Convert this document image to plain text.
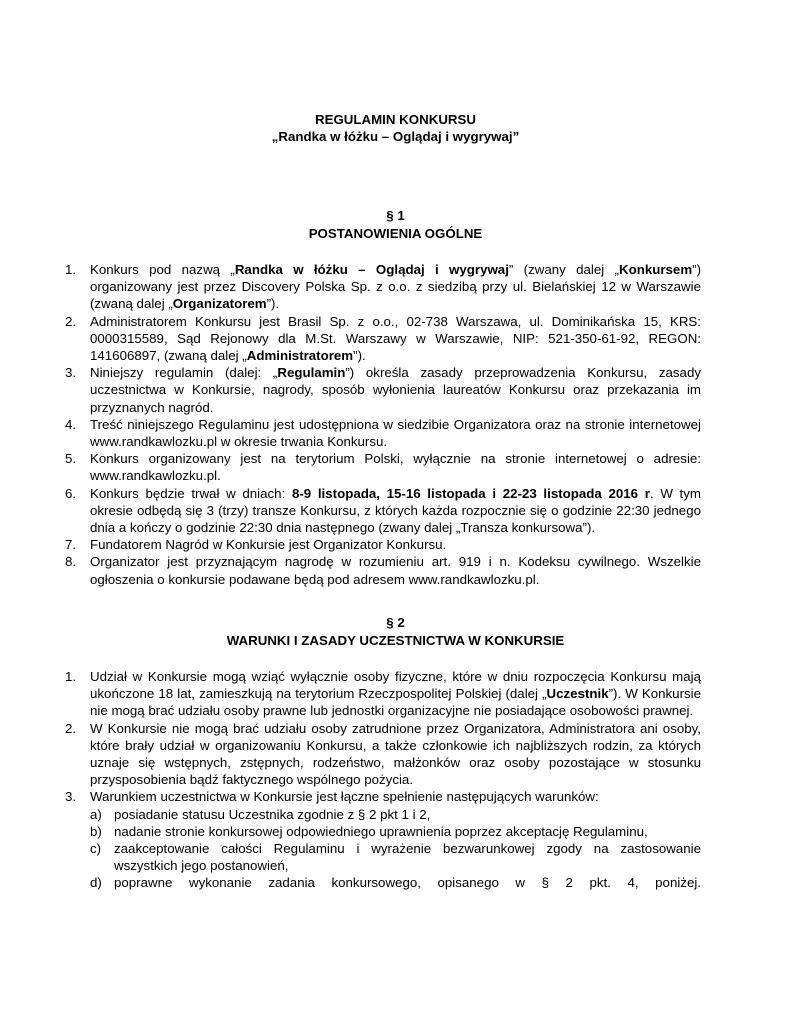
REGULAMIN KONKURSU
„Randka w łóżku – Oglądaj i wygrywaj”
§ 1
POSTANOWIENIA OGÓLNE
1.	Konkurs pod nazwą „Randka w łóżku – Oglądaj i wygrywaj” (zwany dalej „Konkursem”) organizowany jest przez Discovery Polska Sp. z o.o. z siedzibą przy ul. Bielańskiej 12 w Warszawie (zwaną dalej „Organizatorem”).
2.	Administratorem Konkursu jest Brasil Sp. z o.o., 02-738 Warszawa, ul. Dominikańska 15, KRS: 0000315589, Sąd Rejonowy dla M.St. Warszawy w Warszawie, NIP: 521-350-61-92, REGON: 141606897, (zwaną dalej „Administratorem”).
3.	Niniejszy regulamin (dalej: „Regulamin”) określa zasady przeprowadzenia Konkursu, zasady uczestnictwa w Konkursie, nagrody, sposób wyłonienia laureatów Konkursu oraz przekazania im przyznanych nagród.
4.	Treść niniejszego Regulaminu jest udostępniona w siedzibie Organizatora oraz na stronie internetowej www.randkawlozku.pl w okresie trwania Konkursu.
5.	Konkurs organizowany jest na terytorium Polski, wyłącznie na stronie internetowej o adresie: www.randkawlozku.pl.
6.	Konkurs będzie trwał w dniach: 8-9 listopada, 15-16 listopada i 22-23 listopada 2016 r. W tym okresie odbędą się 3 (trzy) transze Konkursu, z których każda rozpocznie się o godzinie 22:30 jednego dnia a kończy o godzinie 22:30 dnia następnego (zwany dalej „Transza konkursowa”).
7.	Fundatorem Nagród w Konkursie jest Organizator Konkursu.
8.	Organizator jest przyznającym nagrodę w rozumieniu art. 919 i n. Kodeksu cywilnego. Wszelkie ogłoszenia o konkursie podawane będą pod adresem www.randkawlozku.pl.
§ 2
WARUNKI I ZASADY UCZESTNICTWA W KONKURSIE
1.	Udział w Konkursie mogą wziąć wyłącznie osoby fizyczne, które w dniu rozpoczęcia Konkursu mają ukończone 18 lat, zamieszkują na terytorium Rzeczpospolitej Polskiej (dalej „Uczestnik”). W Konkursie nie mogą brać udziału osoby prawne lub jednostki organizacyjne nie posiadające osobowości prawnej.
2.	W Konkursie nie mogą brać udziału osoby zatrudnione przez Organizatora, Administratora ani osoby, które brały udział w organizowaniu Konkursu, a także członkowie ich najbliższych rodzin, za których uznaje się wstępnych, zstępnych, rodzeństwo, małżonków oraz osoby pozostające w stosunku przysposobienia bądź faktycznego wspólnego pożycia.
3.	Warunkiem uczestnictwa w Konkursie jest łączne spełnienie następujących warunków:
a) posiadanie statusu Uczestnika zgodnie z § 2 pkt 1 i 2,
b) nadanie stronie konkursowej odpowiedniego uprawnienia poprzez akceptację Regulaminu,
c) zaakceptowanie całości Regulaminu i wyrażenie bezwarunkowej zgody na zastosowanie wszystkich jego postanowień,
d) poprawne wykonanie zadania konkursowego, opisanego w § 2 pkt. 4, poniżej.
